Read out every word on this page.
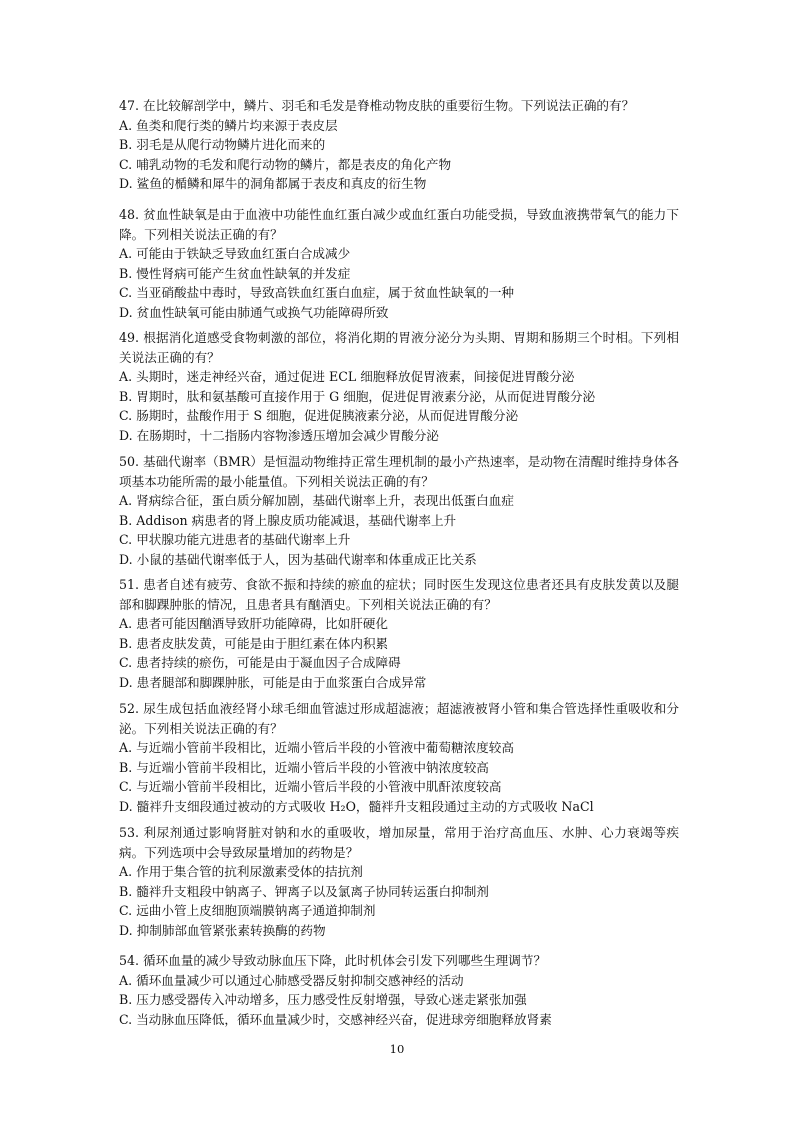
47. 在比较解剖学中，鳞片、羽毛和毛发是脊椎动物皮肤的重要衍生物。下列说法正确的有？

A. 鱼类和爬行类的鳞片均来源于表皮层

B. 羽毛是从爬行动物鳞片进化而来的

C. 哺乳动物的毛发和爬行动物的鳞片，都是表皮的角化产物

D. 鲨鱼的楯鳞和犀牛的洞角都属于表皮和真皮的衍生物

48. 贫血性缺氧是由于血液中功能性血红蛋白减少或血红蛋白功能受损，导致血液携带氧气的能力下降。下列相关说法正确的有？

A. 可能由于铁缺乏导致血红蛋白合成减少

B. 慢性肾病可能产生贫血性缺氧的并发症

C. 当亚硝酸盐中毒时，导致高铁血红蛋白血症，属于贫血性缺氧的一种

D. 贫血性缺氧可能由肺通气或换气功能障碍所致

49. 根据消化道感受食物刺激的部位，将消化期的胃液分泌分为头期、胃期和肠期三个时相。下列相关说法正确的有？

A. 头期时，迷走神经兴奋，通过促进 ECL 细胞释放促胃液素，间接促进胃酸分泌

B. 胃期时，肽和氨基酸可直接作用于 G 细胞，促进促胃液素分泌，从而促进胃酸分泌

C. 肠期时，盐酸作用于 S 细胞，促进促胰液素分泌，从而促进胃酸分泌

D. 在肠期时，十二指肠内容物渗透压增加会减少胃酸分泌

50. 基础代谢率（BMR）是恒温动物维持正常生理机制的最小产热速率，是动物在清醒时维持身体各项基本功能所需的最小能量值。下列相关说法正确的有？

A. 肾病综合征，蛋白质分解加剧，基础代谢率上升，表现出低蛋白血症

B. Addison 病患者的肾上腺皮质功能减退，基础代谢率上升

C. 甲状腺功能亢进患者的基础代谢率上升

D. 小鼠的基础代谢率低于人，因为基础代谢率和体重成正比关系

51. 患者自述有疲劳、食欲不振和持续的瘀血的症状；同时医生发现这位患者还具有皮肤发黄以及腿部和脚踝肿胀的情况，且患者具有酗酒史。下列相关说法正确的有？

A. 患者可能因酗酒导致肝功能障碍，比如肝硬化

B. 患者皮肤发黄，可能是由于胆红素在体内积累

C. 患者持续的瘀伤，可能是由于凝血因子合成障碍

D. 患者腿部和脚踝肿胀，可能是由于血浆蛋白合成异常

52. 尿生成包括血液经肾小球毛细血管滤过形成超滤液；超滤液被肾小管和集合管选择性重吸收和分泌。下列相关说法正确的有？

A. 与近端小管前半段相比，近端小管后半段的小管液中葡萄糖浓度较高

B. 与近端小管前半段相比，近端小管后半段的小管液中钠浓度较高

C. 与近端小管前半段相比，近端小管后半段的小管液中肌酐浓度较高

D. 髓袢升支细段通过被动的方式吸收 H₂O，髓袢升支粗段通过主动的方式吸收 NaCl

53. 利尿剂通过影响肾脏对钠和水的重吸收，增加尿量，常用于治疗高血压、水肿、心力衰竭等疾病。下列选项中会导致尿量增加的药物是？

A. 作用于集合管的抗利尿激素受体的拮抗剂

B. 髓袢升支粗段中钠离子、钾离子以及氯离子协同转运蛋白抑制剂

C. 远曲小管上皮细胞顶端膜钠离子通道抑制剂

D. 抑制肺部血管紧张素转换酶的药物

54. 循环血量的减少导致动脉血压下降，此时机体会引发下列哪些生理调节？

A. 循环血量减少可以通过心肺感受器反射抑制交感神经的活动

B. 压力感受器传入冲动增多，压力感受性反射增强，导致心迷走紧张加强

C. 当动脉血压降低，循环血量减少时，交感神经兴奋，促进球旁细胞释放肾素

10
